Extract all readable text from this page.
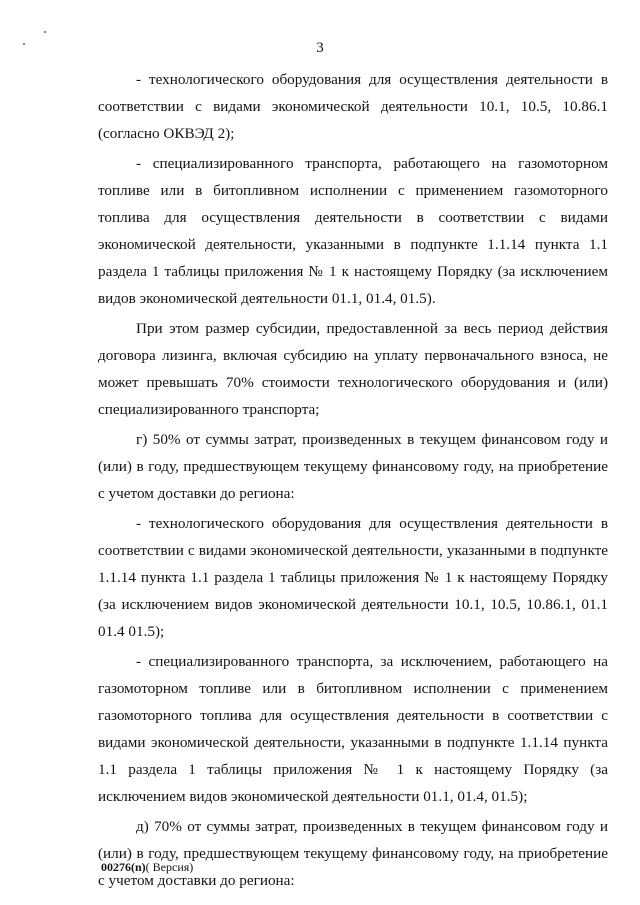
3

- технологического оборудования для осуществления деятельности в соответствии с видами экономической деятельности 10.1, 10.5, 10.86.1 (согласно ОКВЭД 2);

- специализированного транспорта, работающего на газомоторном топливе или в битопливном исполнении с применением газомоторного топлива для осуществления деятельности в соответствии с видами экономической деятельности, указанными в подпункте 1.1.14 пункта 1.1 раздела 1 таблицы приложения № 1 к настоящему Порядку (за исключением видов экономической деятельности 01.1, 01.4, 01.5).

При этом размер субсидии, предоставленной за весь период действия договора лизинга, включая субсидию на уплату первоначального взноса, не может превышать 70% стоимости технологического оборудования и (или) специализированного транспорта;

г) 50% от суммы затрат, произведенных в текущем финансовом году и (или) в году, предшествующем текущему финансовому году, на приобретение с учетом доставки до региона:

- технологического оборудования для осуществления деятельности в соответствии с видами экономической деятельности, указанными в подпункте 1.1.14 пункта 1.1 раздела 1 таблицы приложения № 1 к настоящему Порядку (за исключением видов экономической деятельности 10.1, 10.5, 10.86.1, 01.1 01.4 01.5);

- специализированного транспорта, за исключением, работающего на газомоторном топливе или в битопливном исполнении с применением газомоторного топлива для осуществления деятельности в соответствии с видами экономической деятельности, указанными в подпункте 1.1.14 пункта 1.1 раздела 1 таблицы приложения № 1 к настоящему Порядку (за исключением видов экономической деятельности 01.1, 01.4, 01.5);

д) 70% от суммы затрат, произведенных в текущем финансовом году и (или) в году, предшествующем текущему финансовому году, на приобретение с учетом доставки до региона:

00276(n)( Версия)
